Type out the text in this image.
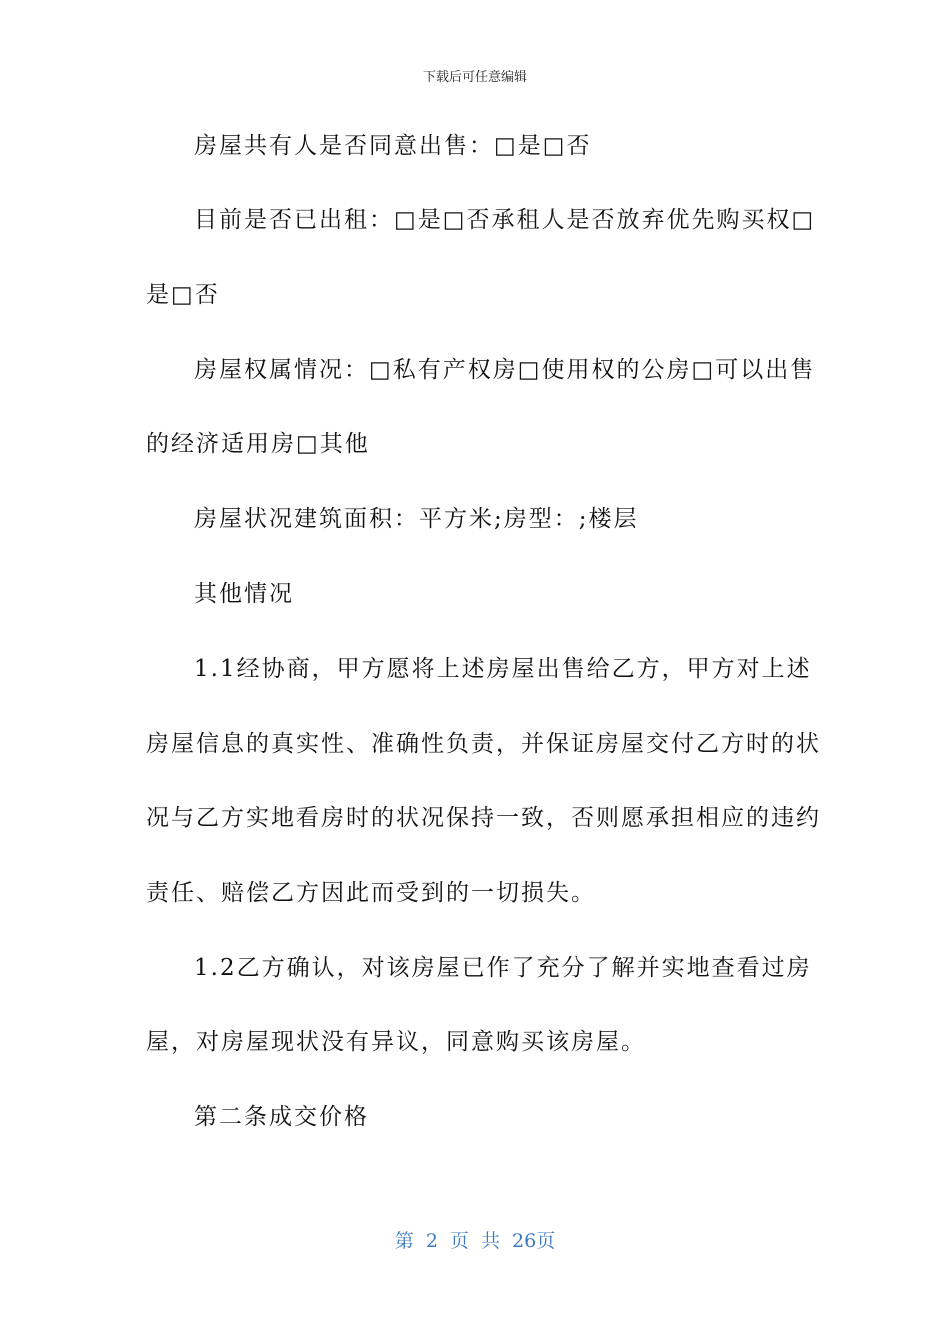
下载后可任意编辑
房屋共有人是否同意出售：□是□否
目前是否已出租：□是□否承租人是否放弃优先购买权□
是□否
房屋权属情况：□私有产权房□使用权的公房□可以出售
的经济适用房□其他
房屋状况建筑面积：平方米;房型：;楼层
其他情况
1.1经协商，甲方愿将上述房屋出售给乙方，甲方对上述
房屋信息的真实性、准确性负责，并保证房屋交付乙方时的状
况与乙方实地看房时的状况保持一致，否则愿承担相应的违约
责任、赔偿乙方因此而受到的一切损失。
1.2乙方确认，对该房屋已作了充分了解并实地查看过房
屋，对房屋现状没有异议，同意购买该房屋。
第二条成交价格
第 2 页 共 26页
